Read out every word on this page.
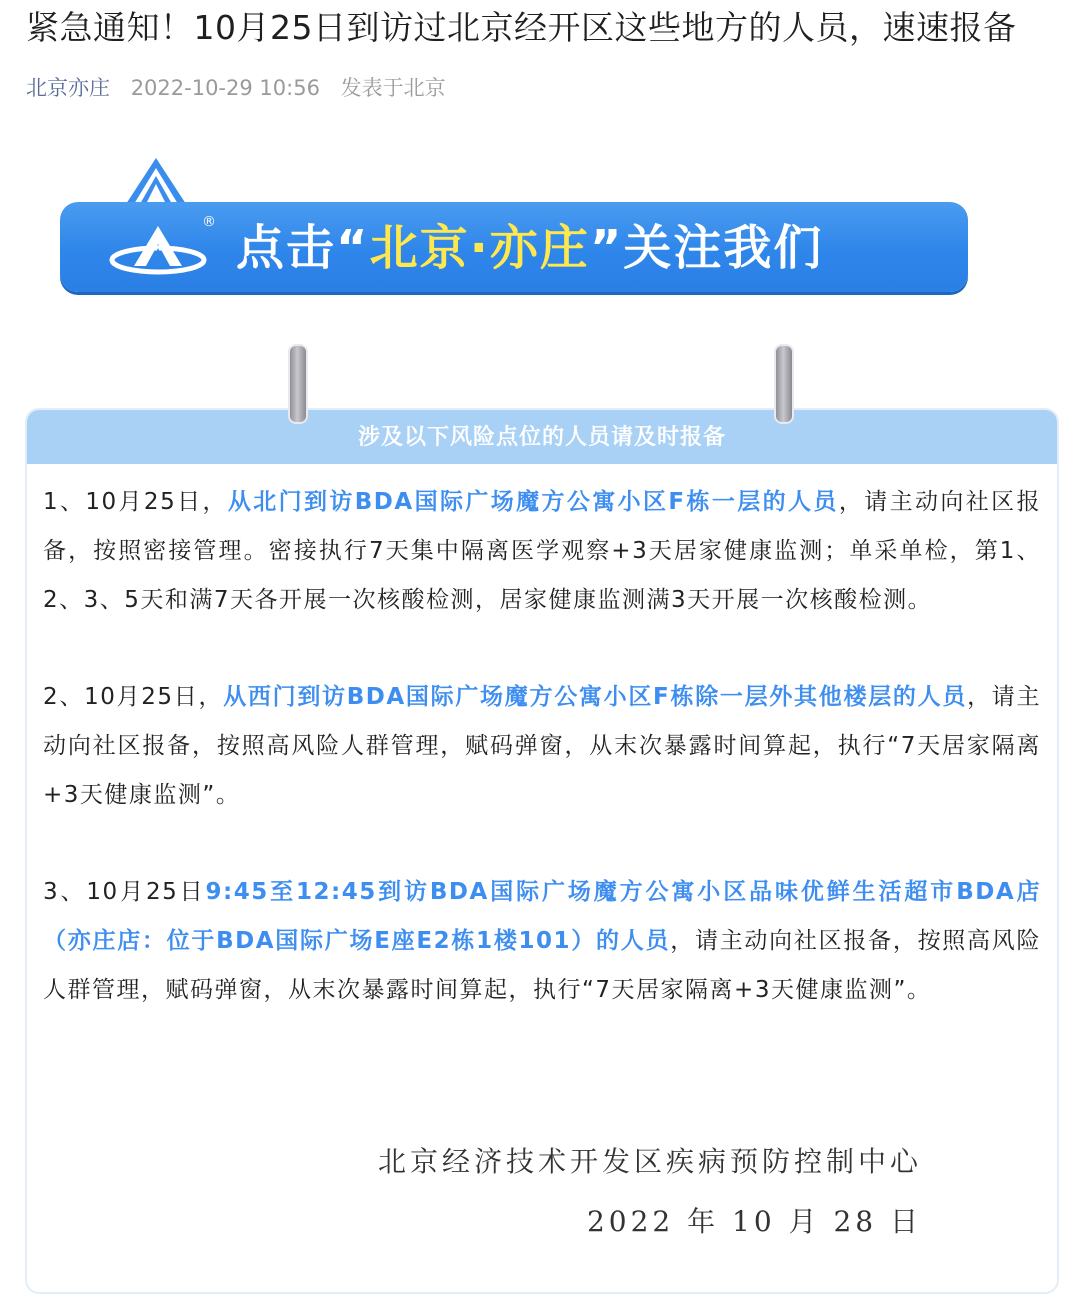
紧急通知！10月25日到访过北京经开区这些地方的人员，速速报备
北京亦庄 2022-10-29 10:56 发表于北京
® 点击“北京·亦庄”关注我们
涉及以下风险点位的人员请及时报备

1、10月25日，从北门到访BDA国际广场魔方公寓小区F栋一层的人员，请主动向社区报备，按照密接管理。密接执行7天集中隔离医学观察+3天居家健康监测；单采单检，第1、2、3、5天和满7天各开展一次核酸检测，居家健康监测满3天开展一次核酸检测。

2、10月25日，从西门到访BDA国际广场魔方公寓小区F栋除一层外其他楼层的人员，请主动向社区报备，按照高风险人群管理，赋码弹窗，从末次暴露时间算起，执行“7天居家隔离+3天健康监测”。

3、10月25日9:45至12:45到访BDA国际广场魔方公寓小区品味优鲜生活超市BDA店（亦庄店：位于BDA国际广场E座E2栋1楼101）的人员，请主动向社区报备，按照高风险人群管理，赋码弹窗，从末次暴露时间算起，执行“7天居家隔离+3天健康监测”。

北京经济技术开发区疾病预防控制中心
2022 年 10 月 28 日
